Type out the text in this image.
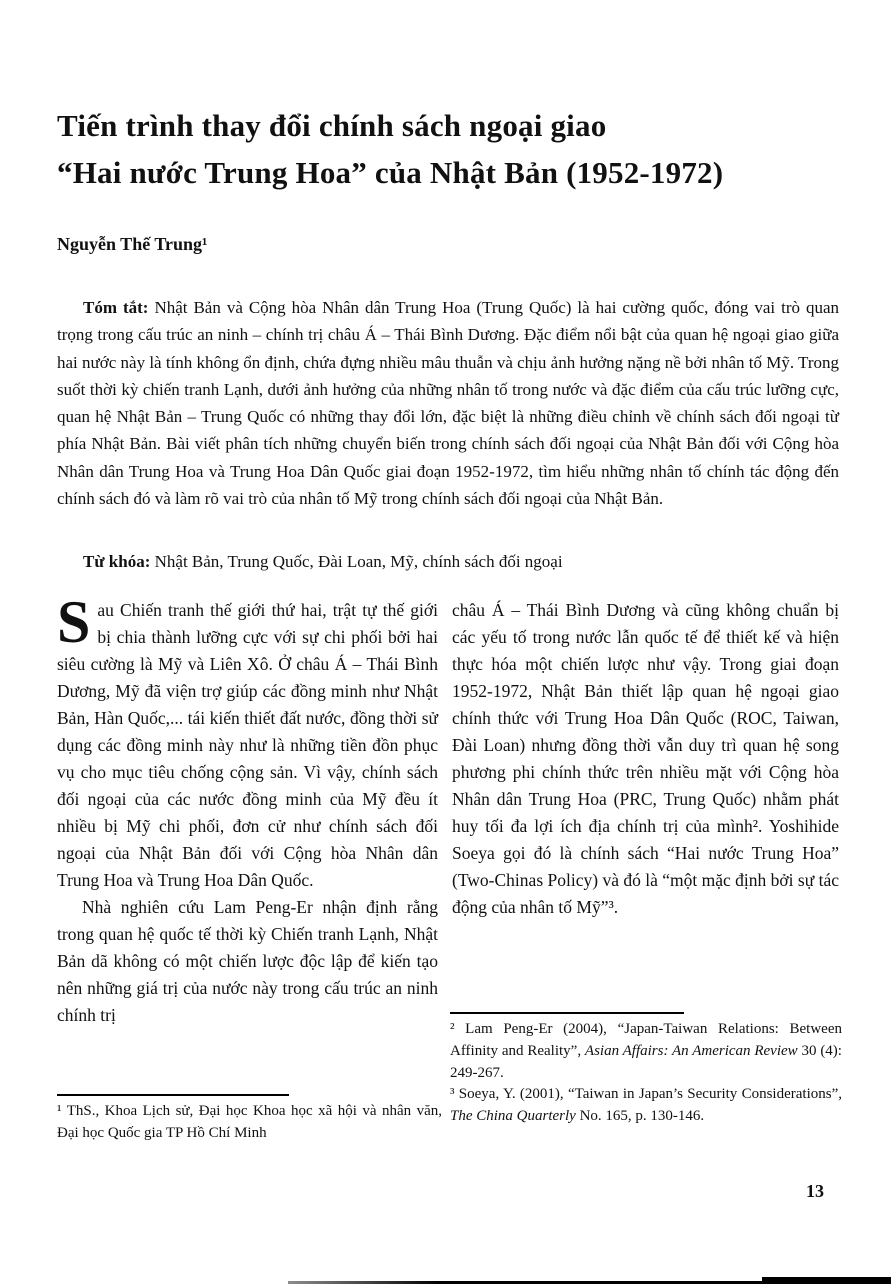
Tiến trình thay đổi chính sách ngoại giao
“Hai nước Trung Hoa” của Nhật Bản (1952-1972)
Nguyễn Thế Trung¹

Tóm tắt: Nhật Bản và Cộng hòa Nhân dân Trung Hoa (Trung Quốc) là hai cường quốc, đóng vai trò quan trọng trong cấu trúc an ninh – chính trị châu Á – Thái Bình Dương. Đặc điểm nổi bật của quan hệ ngoại giao giữa hai nước này là tính không ổn định, chứa đựng nhiều mâu thuẫn và chịu ảnh hưởng nặng nề bởi nhân tố Mỹ. Trong suốt thời kỳ chiến tranh Lạnh, dưới ảnh hưởng của những nhân tố trong nước và đặc điểm của cấu trúc lưỡng cực, quan hệ Nhật Bản – Trung Quốc có những thay đổi lớn, đặc biệt là những điều chỉnh về chính sách đối ngoại từ phía Nhật Bản. Bài viết phân tích những chuyển biến trong chính sách đối ngoại của Nhật Bản đối với Cộng hòa Nhân dân Trung Hoa và Trung Hoa Dân Quốc giai đoạn 1952-1972, tìm hiểu những nhân tố chính tác động đến chính sách đó và làm rõ vai trò của nhân tố Mỹ trong chính sách đối ngoại của Nhật Bản.

Từ khóa: Nhật Bản, Trung Quốc, Đài Loan, Mỹ, chính sách đối ngoại

Sau Chiến tranh thế giới thứ hai, trật tự thế giới bị chia thành lưỡng cực với sự chi phối bởi hai siêu cường là Mỹ và Liên Xô. Ở châu Á – Thái Bình Dương, Mỹ đã viện trợ giúp các đồng minh như Nhật Bản, Hàn Quốc,... tái kiến thiết đất nước, đồng thời sử dụng các đồng minh này như là những tiền đồn phục vụ cho mục tiêu chống cộng sản. Vì vậy, chính sách đối ngoại của các nước đồng minh của Mỹ đều ít nhiều bị Mỹ chi phối, đơn cử như chính sách đối ngoại của Nhật Bản đối với Cộng hòa Nhân dân Trung Hoa và Trung Hoa Dân Quốc.

Nhà nghiên cứu Lam Peng-Er nhận định rằng trong quan hệ quốc tế thời kỳ Chiến tranh Lạnh, Nhật Bản dã không có một chiến lược độc lập để kiến tạo nên những giá trị của nước này trong cấu trúc an ninh chính trị

châu Á – Thái Bình Dương và cũng không chuẩn bị các yếu tố trong nước lẫn quốc tế để thiết kế và hiện thực hóa một chiến lược như vậy. Trong giai đoạn 1952-1972, Nhật Bản thiết lập quan hệ ngoại giao chính thức với Trung Hoa Dân Quốc (ROC, Taiwan, Đài Loan) nhưng đồng thời vẫn duy trì quan hệ song phương phi chính thức trên nhiều mặt với Cộng hòa Nhân dân Trung Hoa (PRC, Trung Quốc) nhằm phát huy tối đa lợi ích địa chính trị của mình². Yoshihide Soeya gọi đó là chính sách “Hai nước Trung Hoa” (Two-Chinas Policy) và đó là “một mặc định bởi sự tác động của nhân tố Mỹ”³.

¹ ThS., Khoa Lịch sử, Đại học Khoa học xã hội và nhân văn, Đại học Quốc gia TP Hồ Chí Minh

² Lam Peng-Er (2004), “Japan-Taiwan Relations: Between Affinity and Reality”, Asian Affairs: An American Review 30 (4): 249-267.

³ Soeya, Y. (2001), “Taiwan in Japan’s Security Considerations”, The China Quarterly No. 165, p. 130-146.

13
